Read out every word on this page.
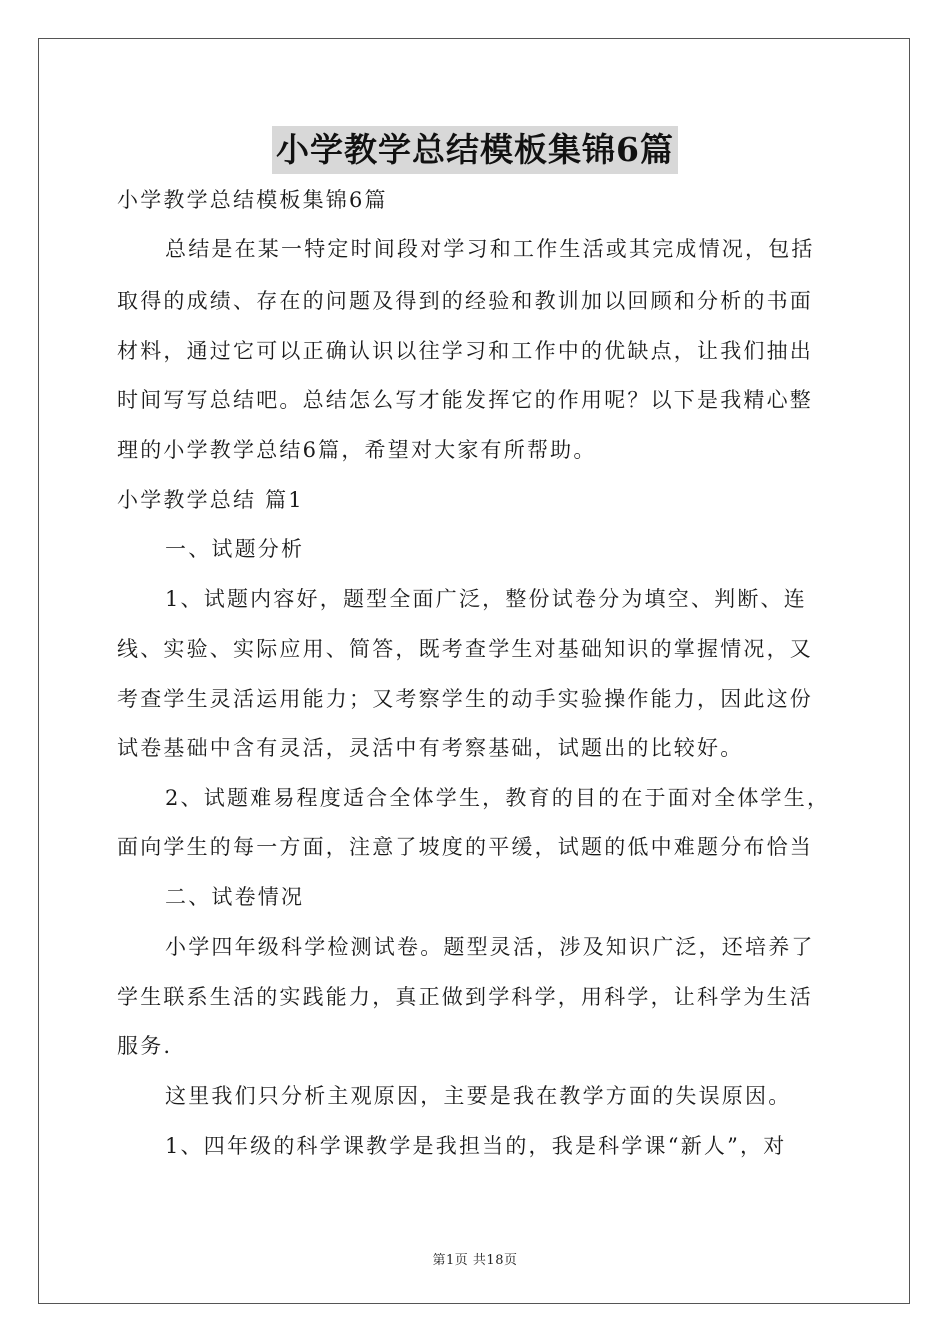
小学教学总结模板集锦6篇
小学教学总结模板集锦6篇
总结是在某一特定时间段对学习和工作生活或其完成情况，包括
取得的成绩、存在的问题及得到的经验和教训加以回顾和分析的书面
材料，通过它可以正确认识以往学习和工作中的优缺点，让我们抽出
时间写写总结吧。总结怎么写才能发挥它的作用呢？以下是我精心整
理的小学教学总结6篇，希望对大家有所帮助。
小学教学总结 篇1
一、试题分析
1、试题内容好，题型全面广泛，整份试卷分为填空、判断、连
线、实验、实际应用、简答，既考查学生对基础知识的掌握情况，又
考查学生灵活运用能力；又考察学生的动手实验操作能力，因此这份
试卷基础中含有灵活，灵活中有考察基础，试题出的比较好。
2、试题难易程度适合全体学生，教育的目的在于面对全体学生，
面向学生的每一方面，注意了坡度的平缓，试题的低中难题分布恰当
二、试卷情况
小学四年级科学检测试卷。题型灵活，涉及知识广泛，还培养了
学生联系生活的实践能力，真正做到学科学，用科学，让科学为生活
服务.
这里我们只分析主观原因，主要是我在教学方面的失误原因。
1、四年级的科学课教学是我担当的，我是科学课“新人”，对
第1页 共18页
